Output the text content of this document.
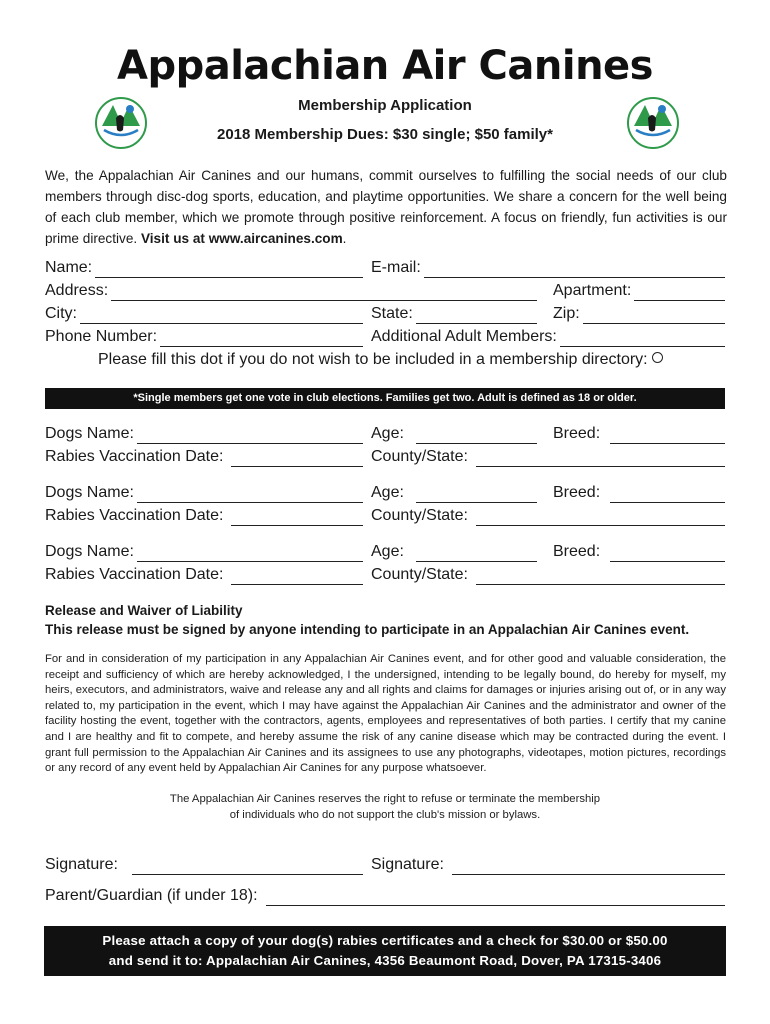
Appalachian Air Canines
Membership Application
2018 Membership Dues: $30 single; $50 family*
We, the Appalachian Air Canines and our humans, commit ourselves to fulfilling the social needs of our club members through disc-dog sports, education, and playtime opportunities. We share a concern for the well being of each club member, which we promote through positive reinforcement. A focus on friendly, fun activities is our prime directive. Visit us at www.aircanines.com.
Name:	E-mail:
Address:	Apartment:
City:	State:	Zip:
Phone Number:	Additional Adult Members:
Please fill this dot if you do not wish to be included in a membership directory:
*Single members get one vote in club elections. Families get two. Adult is defined as 18 or older.
Dogs Name:	Age:	Breed:
Rabies Vaccination Date:	County/State:
Dogs Name:	Age:	Breed:
Rabies Vaccination Date:	County/State:
Dogs Name:	Age:	Breed:
Rabies Vaccination Date:	County/State:
Release and Waiver of Liability
This release must be signed by anyone intending to participate in an Appalachian Air Canines event.
For and in consideration of my participation in any Appalachian Air Canines event, and for other good and valuable consideration, the receipt and sufficiency of which are hereby acknowledged, I the undersigned, intending to be legally bound, do hereby for myself, my heirs, executors, and administrators, waive and release any and all rights and claims for damages or injuries arising out of, or in any way related to, my participation in the event, which I may have against the Appalachian Air Canines and the administrator and owner of the facility hosting the event, together with the contractors, agents, employees and representatives of both parties. I certify that my canine and I are healthy and fit to compete, and hereby assume the risk of any canine disease which may be contracted during the event. I grant full permission to the Appalachian Air Canines and its assignees to use any photographs, videotapes, motion pictures, recordings or any record of any event held by Appalachian Air Canines for any purpose whatsoever.
The Appalachian Air Canines reserves the right to refuse or terminate the membership
of individuals who do not support the club's mission or bylaws.
Signature:	Signature:
Parent/Guardian (if under 18):
Please attach a copy of your dog(s) rabies certificates and a check for $30.00 or $50.00
and send it to: Appalachian Air Canines, 4356 Beaumont Road, Dover, PA 17315-3406
